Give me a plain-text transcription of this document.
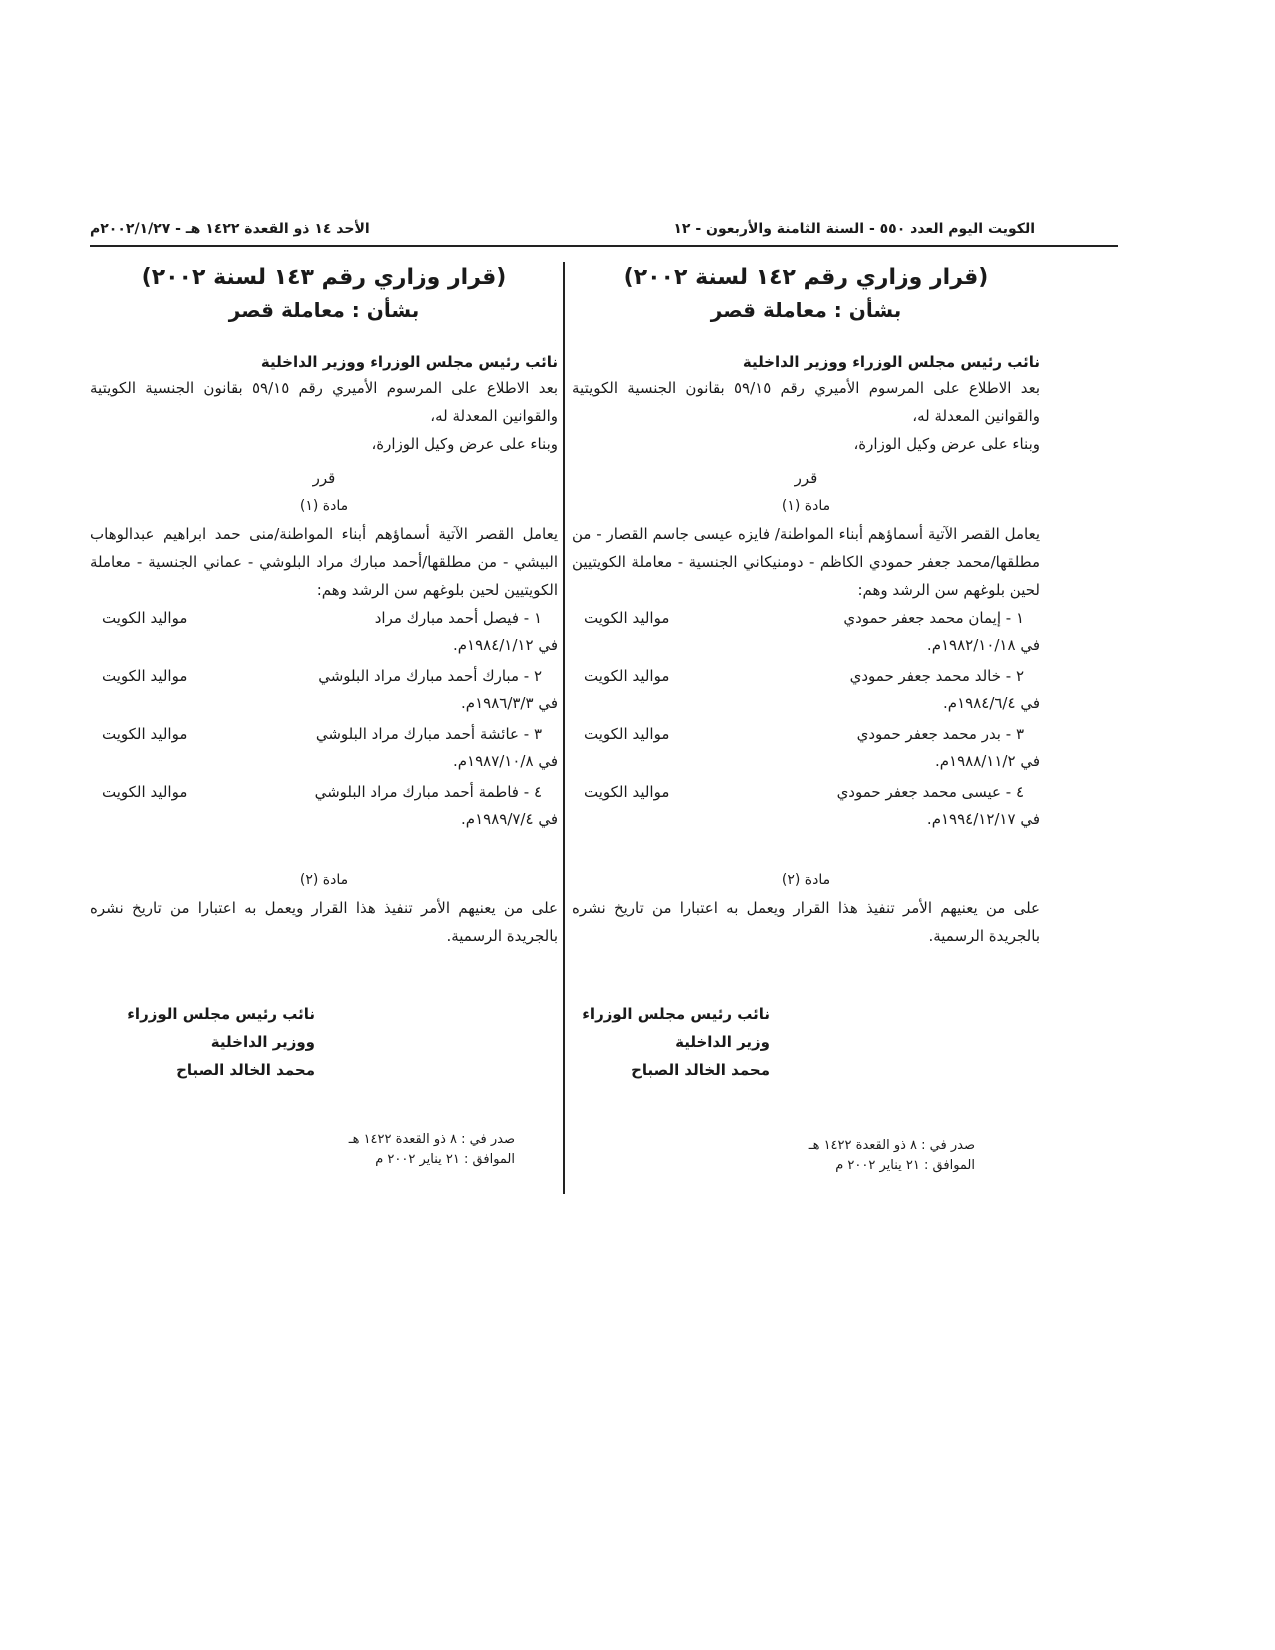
الكويت اليوم العدد ٥٥٠ - السنة الثامنة والأربعون - ١٢
الأحد ١٤ ذو القعدة ١٤٢٢ هـ - ٢٠٠٢/١/٢٧م
(قرار وزاري رقم ١٤٢ لسنة ٢٠٠٢)
بشأن : معاملة قصر
نائب رئيس مجلس الوزراء ووزير الداخلية

بعد الاطلاع على المرسوم الأميري رقم ٥٩/١٥ بقانون الجنسية الكويتية والقوانين المعدلة له،

وبناء على عرض وكيل الوزارة،

قرر
مادة (١)

يعامل القصر الآتية أسماؤهم أبناء المواطنة/ فايزه عيسى جاسم القصار - من مطلقها/محمد جعفر حمودي الكاظم - دومنيكاني الجنسية - معاملة الكويتيين لحين بلوغهم سن الرشد وهم:

١ - إيمان محمد جعفر حمودي
مواليد الكويت
في ١٩٨٢/١٠/١٨م.
٢ - خالد محمد جعفر حمودي
مواليد الكويت
في ١٩٨٤/٦/٤م.
٣ - بدر محمد جعفر حمودي
مواليد الكويت
في ١٩٨٨/١١/٢م.
٤ - عيسى محمد جعفر حمودي
مواليد الكويت
في ١٩٩٤/١٢/١٧م.
مادة (٢)

على من يعنيهم الأمر تنفيذ هذا القرار ويعمل به اعتبارا من تاريخ نشره بالجريدة الرسمية.

(قرار وزاري رقم ١٤٣ لسنة ٢٠٠٢)
بشأن : معاملة قصر
نائب رئيس مجلس الوزراء ووزير الداخلية

بعد الاطلاع على المرسوم الأميري رقم ٥٩/١٥ بقانون الجنسية الكويتية والقوانين المعدلة له،

وبناء على عرض وكيل الوزارة،

قرر
مادة (١)

يعامل القصر الآتية أسماؤهم أبناء المواطنة/منى حمد ابراهيم عبدالوهاب البيشي - من مطلقها/أحمد مبارك مراد البلوشي - عماني الجنسية - معاملة الكويتيين لحين بلوغهم سن الرشد وهم:

١ - فيصل أحمد مبارك مراد
مواليد الكويت
في ١٩٨٤/١/١٢م.
٢ - مبارك أحمد مبارك مراد البلوشي
مواليد الكويت
في ١٩٨٦/٣/٣م.
٣ - عائشة أحمد مبارك مراد البلوشي
مواليد الكويت
في ١٩٨٧/١٠/٨م.
٤ - فاطمة أحمد مبارك مراد البلوشي
مواليد الكويت
في ١٩٨٩/٧/٤م.
مادة (٢)

على من يعنيهم الأمر تنفيذ هذا القرار ويعمل به اعتبارا من تاريخ نشره بالجريدة الرسمية.

نائب رئيس مجلس الوزراء
وزير الداخلية
محمد الخالد الصباح
نائب رئيس مجلس الوزراء
ووزير الداخلية
محمد الخالد الصباح
صدر في : ٨ ذو القعدة ١٤٢٢ هـ
الموافق : ٢١ يناير ٢٠٠٢ م
صدر في : ٨ ذو القعدة ١٤٢٢ هـ
الموافق : ٢١ يناير ٢٠٠٢ م
